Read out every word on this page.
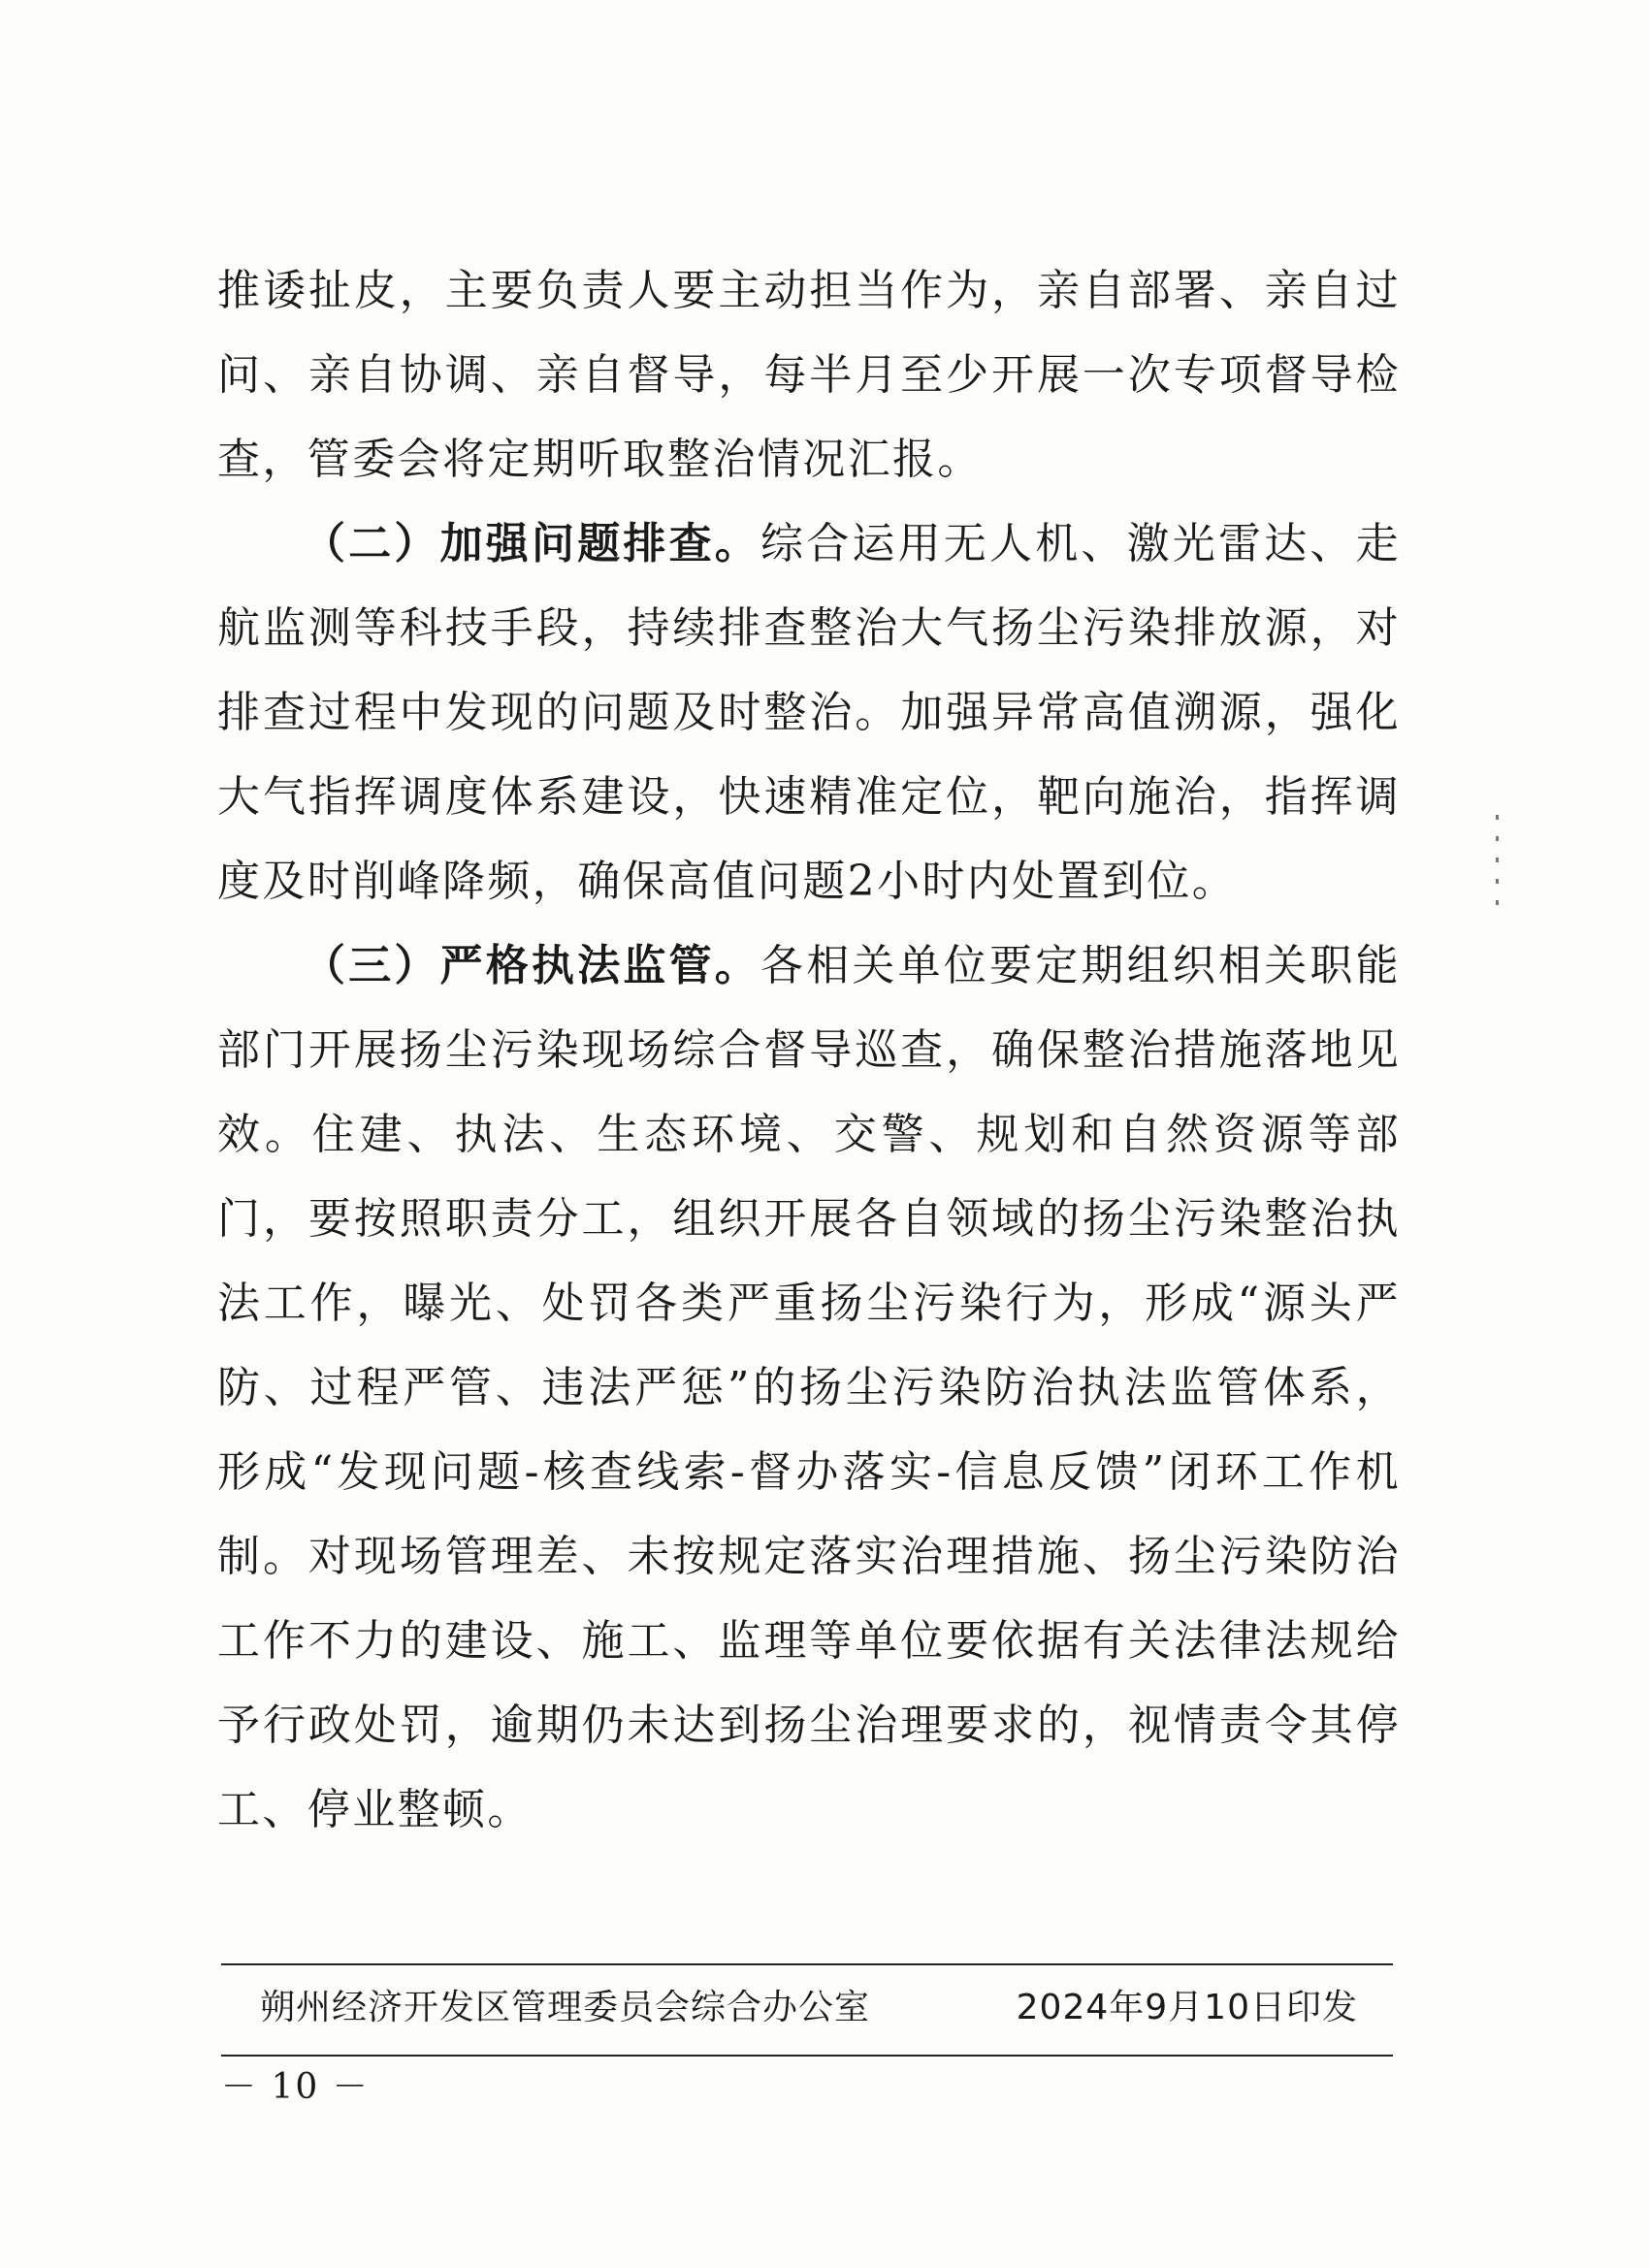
推诿扯皮，主要负责人要主动担当作为，亲自部署、亲自过问、亲自协调、亲自督导，每半月至少开展一次专项督导检查，管委会将定期听取整治情况汇报。

（二）加强问题排查。综合运用无人机、激光雷达、走航监测等科技手段，持续排查整治大气扬尘污染排放源，对排查过程中发现的问题及时整治。加强异常高值溯源，强化大气指挥调度体系建设，快速精准定位，靶向施治，指挥调度及时削峰降频，确保高值问题2小时内处置到位。

（三）严格执法监管。各相关单位要定期组织相关职能部门开展扬尘污染现场综合督导巡查，确保整治措施落地见效。住建、执法、生态环境、交警、规划和自然资源等部门，要按照职责分工，组织开展各自领域的扬尘污染整治执法工作，曝光、处罚各类严重扬尘污染行为，形成“源头严防、过程严管、违法严惩”的扬尘污染防治执法监管体系，形成“发现问题-核查线索-督办落实-信息反馈”闭环工作机制。对现场管理差、未按规定落实治理措施、扬尘污染防治工作不力的建设、施工、监理等单位要依据有关法律法规给予行政处罚，逾期仍未达到扬尘治理要求的，视情责令其停工、停业整顿。

朔州经济开发区管理委员会综合办公室	2024年9月10日印发
－ 10 －
